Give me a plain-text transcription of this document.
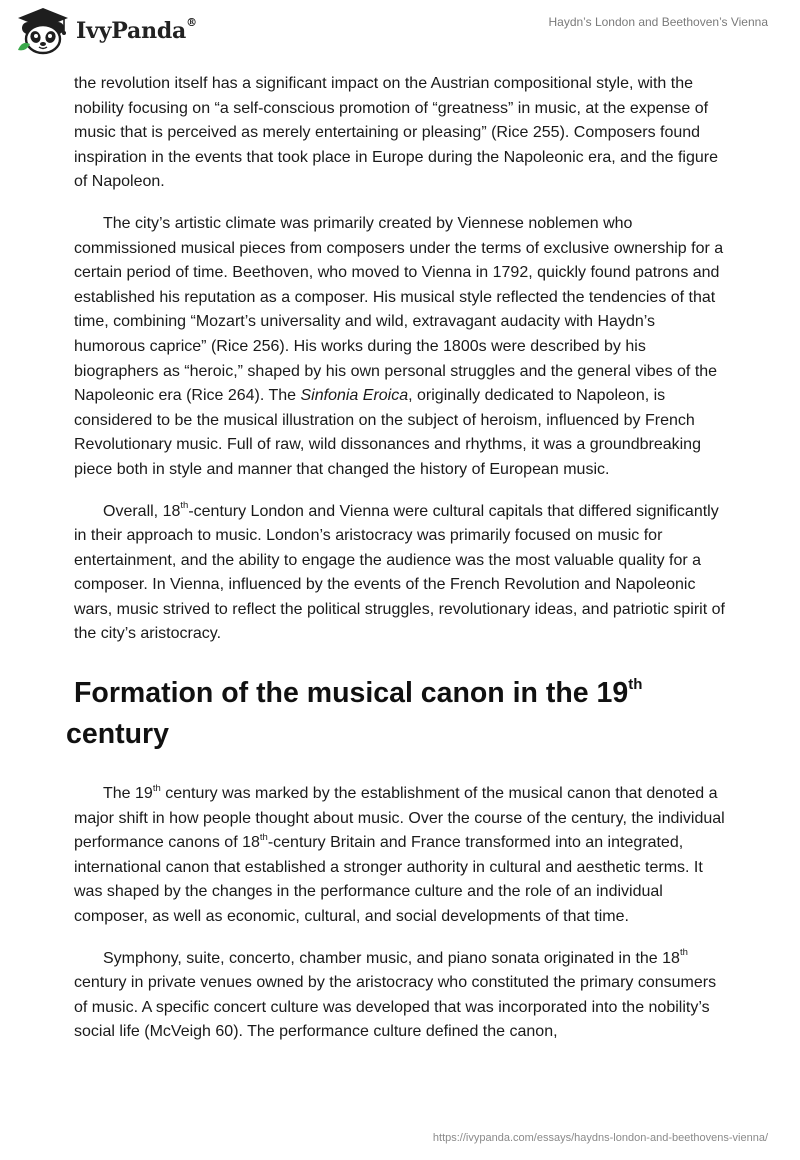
IvyPanda®	Haydn’s London and Beethoven’s Vienna

the revolution itself has a significant impact on the Austrian compositional style, with the nobility focusing on “a self-conscious promotion of “greatness” in music, at the expense of music that is perceived as merely entertaining or pleasing” (Rice 255). Composers found inspiration in the events that took place in Europe during the Napoleonic era, and the figure of Napoleon.

The city’s artistic climate was primarily created by Viennese noblemen who commissioned musical pieces from composers under the terms of exclusive ownership for a certain period of time. Beethoven, who moved to Vienna in 1792, quickly found patrons and established his reputation as a composer. His musical style reflected the tendencies of that time, combining “Mozart’s universality and wild, extravagant audacity with Haydn’s humorous caprice” (Rice 256). His works during the 1800s were described by his biographers as “heroic,” shaped by his own personal struggles and the general vibes of the Napoleonic era (Rice 264). The Sinfonia Eroica, originally dedicated to Napoleon, is considered to be the musical illustration on the subject of heroism, influenced by French Revolutionary music. Full of raw, wild dissonances and rhythms, it was a groundbreaking piece both in style and manner that changed the history of European music.

Overall, 18th-century London and Vienna were cultural capitals that differed significantly in their approach to music. London’s aristocracy was primarily focused on music for entertainment, and the ability to engage the audience was the most valuable quality for a composer. In Vienna, influenced by the events of the French Revolution and Napoleonic wars, music strived to reflect the political struggles, revolutionary ideas, and patriotic spirit of the city’s aristocracy.

Formation of the musical canon in the 19th
century

The 19th century was marked by the establishment of the musical canon that denoted a major shift in how people thought about music. Over the course of the century, the individual performance canons of 18th-century Britain and France transformed into an integrated, international canon that established a stronger authority in cultural and aesthetic terms. It was shaped by the changes in the performance culture and the role of an individual composer, as well as economic, cultural, and social developments of that time.

Symphony, suite, concerto, chamber music, and piano sonata originated in the 18th century in private venues owned by the aristocracy who constituted the primary consumers of music. A specific concert culture was developed that was incorporated into the nobility’s social life (McVeigh 60). The performance culture defined the canon,

https://ivypanda.com/essays/haydns-london-and-beethovens-vienna/
